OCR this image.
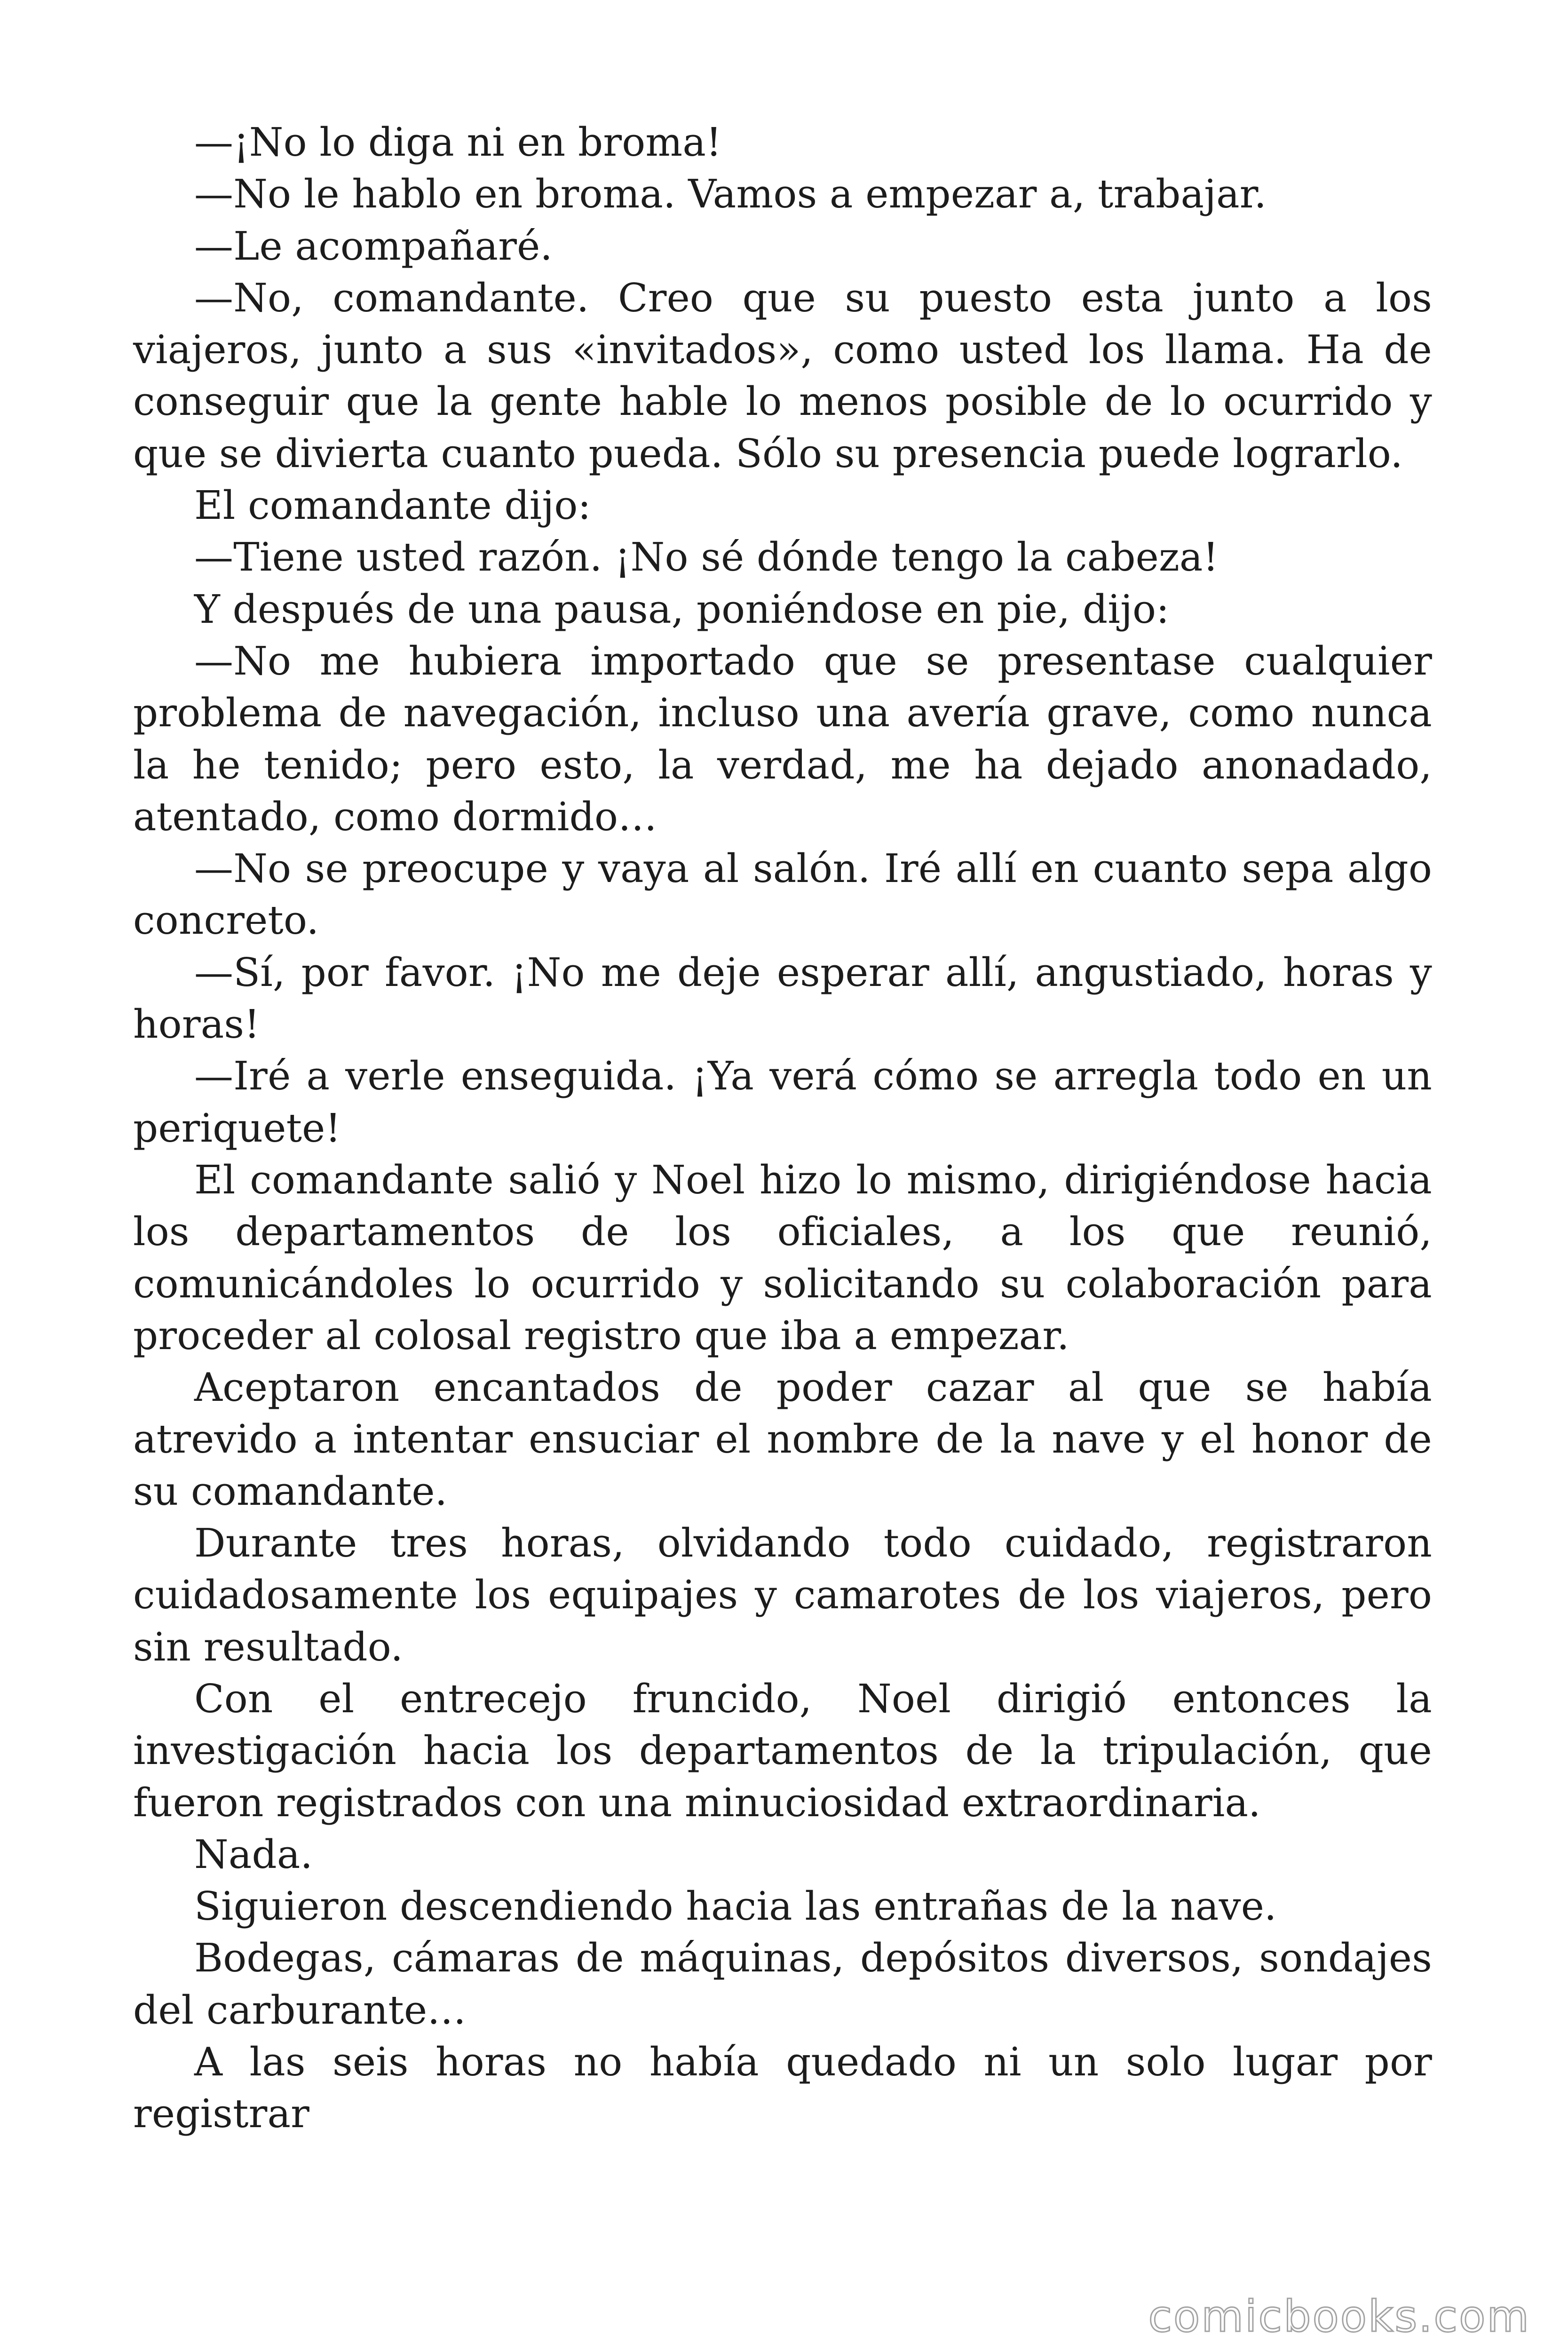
—¡No lo diga ni en broma!

—No le hablo en broma. Vamos a empezar a, trabajar.

—Le acompañaré.

—No, comandante. Creo que su puesto esta junto a los viajeros, junto a sus «invitados», como usted los llama. Ha de conseguir que la gente hable lo menos posible de lo ocurrido y que se divierta cuanto pueda. Sólo su presencia puede lograrlo.

El comandante dijo:

—Tiene usted razón. ¡No sé dónde tengo la cabeza!

Y después de una pausa, poniéndose en pie, dijo:

—No me hubiera importado que se presentase cualquier problema de navegación, incluso una avería grave, como nunca la he tenido; pero esto, la verdad, me ha dejado anonadado, atentado, como dormido…

—No se preocupe y vaya al salón. Iré allí en cuanto sepa algo concreto.

—Sí, por favor. ¡No me deje esperar allí, angustiado, horas y horas!

—Iré a verle enseguida. ¡Ya verá cómo se arregla todo en un periquete!

El comandante salió y Noel hizo lo mismo, dirigiéndose hacia los departamentos de los oficiales, a los que reunió, comunicándoles lo ocurrido y solicitando su colaboración para proceder al colosal registro que iba a empezar.

Aceptaron encantados de poder cazar al que se había atrevido a intentar ensuciar el nombre de la nave y el honor de su comandante.

Durante tres horas, olvidando todo cuidado, registraron cuidadosamente los equipajes y camarotes de los viajeros, pero sin resultado.

Con el entrecejo fruncido, Noel dirigió entonces la investigación hacia los departamentos de la tripulación, que fueron registrados con una minuciosidad extraordinaria.

Nada.

Siguieron descendiendo hacia las entrañas de la nave.

Bodegas, cámaras de máquinas, depósitos diversos, sondajes del carburante…

A las seis horas no había quedado ni un solo lugar por registrar

comicbooks.com
